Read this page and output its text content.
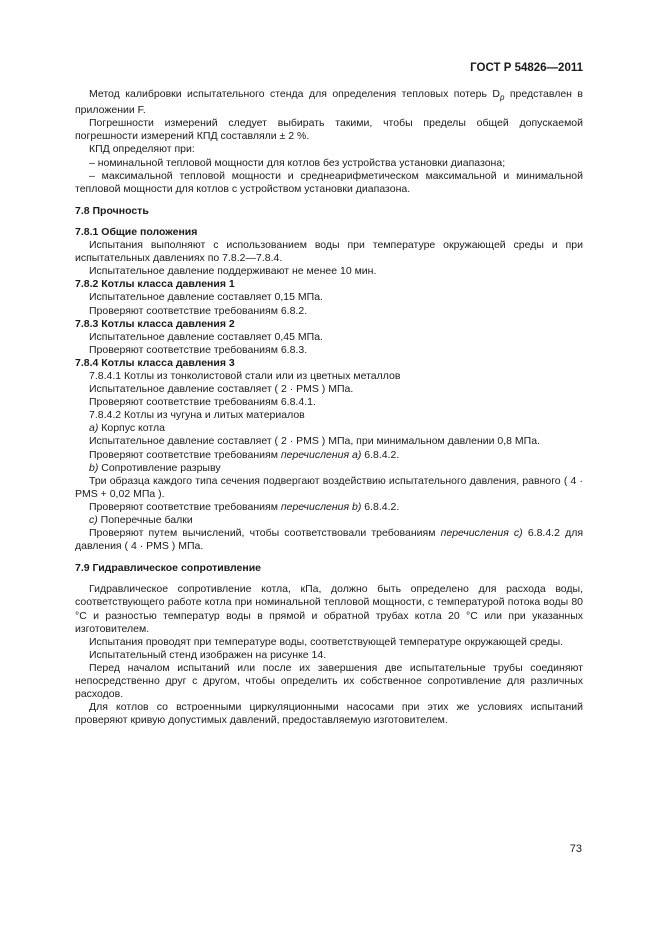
ГОСТ Р 54826—2011

Метод калибровки испытательного стенда для определения тепловых потерь $D_p$ представлен в приложении F.

Погрешности измерений следует выбирать такими, чтобы пределы общей допускаемой погрешности измерений КПД составляли ± 2 %.

КПД определяют при:

– номинальной тепловой мощности для котлов без устройства установки диапазона;

– максимальной тепловой мощности и среднеарифметическом максимальной и минимальной тепловой мощности для котлов с устройством установки диапазона.

7.8 Прочность

7.8.1 Общие положения

Испытания выполняют с использованием воды при температуре окружающей среды и при испытательных давлениях по 7.8.2—7.8.4.

Испытательное давление поддерживают не менее 10 мин.

7.8.2 Котлы класса давления 1

Испытательное давление составляет 0,15 МПа.

Проверяют соответствие требованиям 6.8.2.

7.8.3 Котлы класса давления 2

Испытательное давление составляет 0,45 МПа.

Проверяют соответствие требованиям 6.8.3.

7.8.4 Котлы класса давления 3

7.8.4.1 Котлы из тонколистовой стали или из цветных металлов

Испытательное давление составляет ( 2 · PMS ) МПа.

Проверяют соответствие требованиям 6.8.4.1.

7.8.4.2 Котлы из чугуна и литых материалов

a) Корпус котла

Испытательное давление составляет ( 2 · PMS ) МПа, при минимальном давлении 0,8 МПа.

Проверяют соответствие требованиям перечисления а) 6.8.4.2.

b) Сопротивление разрыву

Три образца каждого типа сечения подвергают воздействию испытательного давления, равного ( 4 · PMS + 0,02 МПа ).

Проверяют соответствие требованиям перечисления b) 6.8.4.2.

c) Поперечные балки

Проверяют путем вычислений, чтобы соответствовали требованиям перечисления с) 6.8.4.2 для давления ( 4 · PMS ) МПа.

7.9 Гидравлическое сопротивление

Гидравлическое сопротивление котла, кПа, должно быть определено для расхода воды, соответствующего работе котла при номинальной тепловой мощности, с температурой потока воды 80 °С и разностью температур воды в прямой и обратной трубах котла 20 °С или при указанных изготовителем.

Испытания проводят при температуре воды, соответствующей температуре окружающей среды.

Испытательный стенд изображен на рисунке 14.

Перед началом испытаний или после их завершения две испытательные трубы соединяют непосредственно друг с другом, чтобы определить их собственное сопротивление для различных расходов.

Для котлов со встроенными циркуляционными насосами при этих же условиях испытаний проверяют кривую допустимых давлений, предоставляемую изготовителем.

73
